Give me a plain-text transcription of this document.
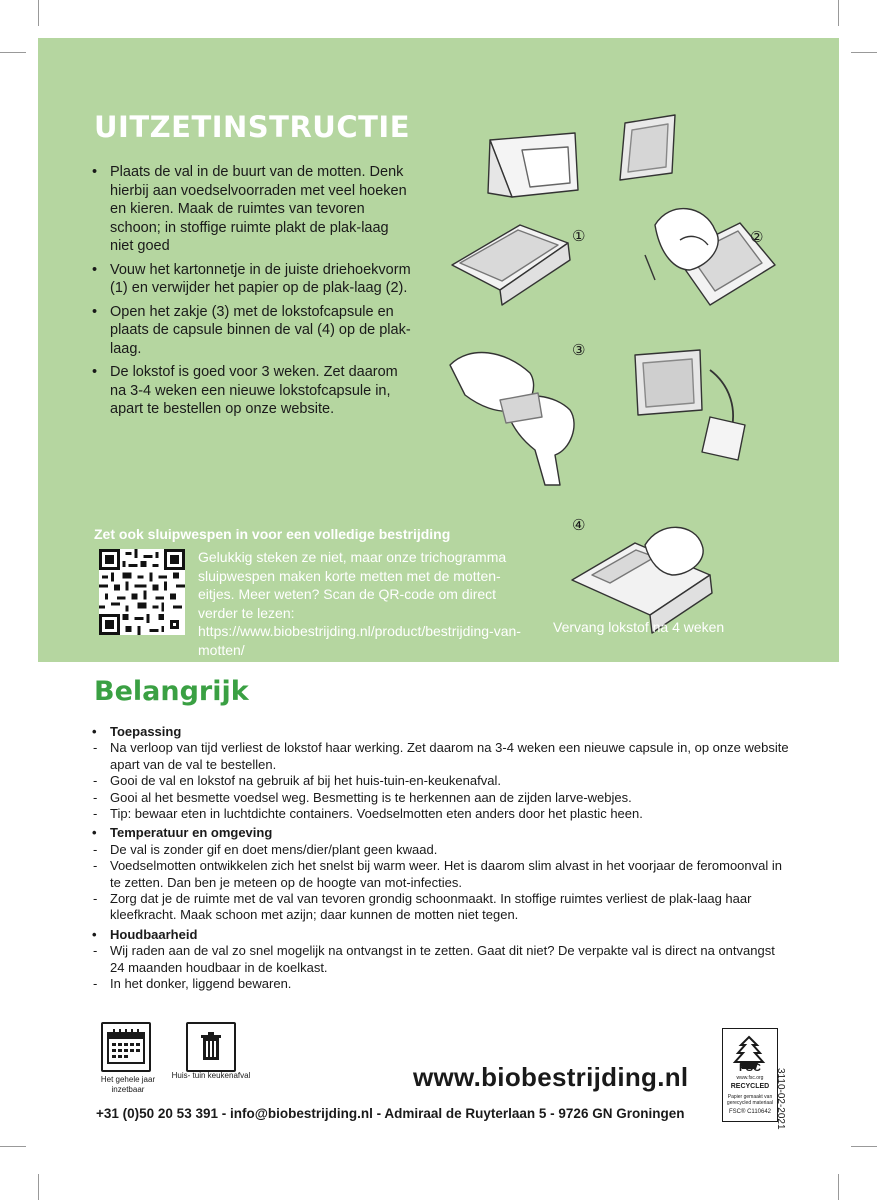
UITZETINSTRUCTIE
• Plaats de val in de buurt van de motten. Denk hierbij aan voedselvoorraden met veel hoeken en kieren. Maak de ruimtes van tevoren schoon; in stoffige ruimte plakt de plak-laag niet goed
• Vouw het kartonnetje in de juiste driehoekvorm (1) en verwijder het papier op de plak-laag (2).
• Open het zakje (3) met de lokstofcapsule en plaats de capsule binnen de val (4) op de plak-laag.
• De lokstof is goed voor 3 weken. Zet daarom na 3-4 weken een nieuwe lokstofcapsule in, apart te bestellen op onze website.
①	②
③
④
Vervang lokstof na 4 weken
Zet ook sluipwespen in voor een volledige bestrijding

Gelukkig steken ze niet, maar onze trichogramma sluipwespen maken korte metten met de motten-eitjes. Meer weten? Scan de QR-code om direct verder te lezen: https://www.biobestrijding.nl/product/bestrijding-van-motten/

Belangrijk
• Toepassing
- Na verloop van tijd verliest de lokstof haar werking. Zet daarom na 3-4 weken een nieuwe capsule in, op onze website apart van de val te bestellen.
- Gooi de val en lokstof na gebruik af bij het huis-tuin-en-keukenafval.
- Gooi al het besmette voedsel weg. Besmetting is te herkennen aan de zijden larve-webjes.
- Tip: bewaar eten in luchtdichte containers. Voedselmotten eten anders door het plastic heen.
• Temperatuur en omgeving
- De val is zonder gif en doet mens/dier/plant geen kwaad.
- Voedselmotten ontwikkelen zich het snelst bij warm weer. Het is daarom slim alvast in het voorjaar de feromoonval in te zetten. Dan ben je meteen op de hoogte van mot-infecties.
- Zorg dat je de ruimte met de val van tevoren grondig schoonmaakt. In stoffige ruimtes verliest de plak-laag haar kleefkracht. Maak schoon met azijn; daar kunnen de motten niet tegen.
• Houdbaarheid
- Wij raden aan de val zo snel mogelijk na ontvangst in te zetten. Gaat dit niet? De verpakte val is direct na ontvangst 24 maanden houdbaar in de koelkast.
- In het donker, liggend bewaren.
Het gehele jaar inzetbaar
Huis- tuin keukenafval	www.biobestrijding.nl

+31 (0)50 20 53 391 - info@biobestrijding.nl - Admiraal de Ruyterlaan 5 - 9726 GN Groningen

FSC
www.fsc.org
RECYCLED
Papier gemaakt van gerecycled materiaal
FSC® C110642 3110-02-2021
